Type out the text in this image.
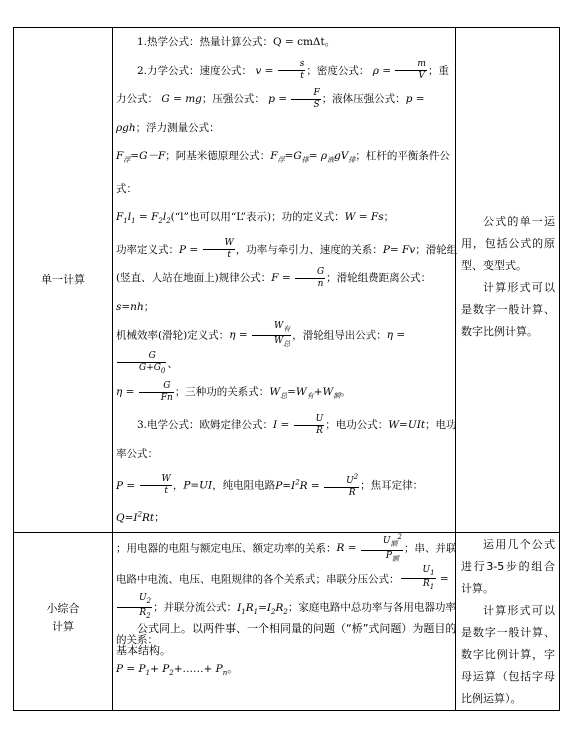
单一计算
1.热学公式：热量计算公式：Q = cmΔt。
2.力学公式：速度公式： $v = \frac{s}{t}$ ；密度公式： $\rho = \frac{m}{V}$ ；重力公式： G = mg；压强公式： $p = \frac{F}{S}$ ；液体压强公式：p = ρgh；浮力测量公式：
$F_浮=G-F$；阿基米德原理公式：$F_浮=G_排= \rho_液gV_排$；杠杆的平衡条件公式：
$F_1l_1$ = $F_2l_2(“l$”也可以用“L”表示)；功的定义式：W = Fs；
功率定义式：$P = \frac{W}{t}$ ，功率与牵引力、速度的关系：P= Fv；滑轮组
(竖直、人站在地面上)规律公式：$F = \frac{G}{n}$ ；滑轮组费距离公式：s=nh；
机械效率(滑轮)定义式：$\eta = \frac{W_有}{W_总}$ ，滑轮组导出公式：η =
$\frac{G}{G+G_0}$ 、
$\eta = \frac{G}{Fn}$ ；三种功的关系式：$W_总=W_有+W_额$。
3.电学公式：欧姆定律公式：$I = \frac{U}{R}$ ；电功公式：W=UIt；电功率公式：
$P = \frac{W}{t}$ ，P=UI，纯电阻电路$P=I^2R = \frac{U^2}{R}$ ；焦耳定律：$Q=I^2Rt$；
；用电器的电阻与额定电压、额定功率的关系：$R = \frac{U_额^2}{P_额}$ ；串、并联电路中电流、电压、电阻规律的各个关系式；串联分压公式： $\frac{U_1}{R_1}$ =
$\frac{U_2}{R_2}$ ；并联分流公式：$I_1R_1=I_2R_2$；家庭电路中总功率与各用电器功率的关系：
$P = P_1+$ $P_2+\dots\dots+ P_n$。

公式的单一运用，包括公式的原型、变型式。

计算形式可以是数字一般计算、数字比例计算。

小综合计算	公式同上。以两件事、一个相同量的问题（“桥”式问题）为题目的基本结构。

运用几个公式进行3-5步的组合计算。

计算形式可以是数字一般计算、数字比例计算，字母运算（包括字母比例运算）。
